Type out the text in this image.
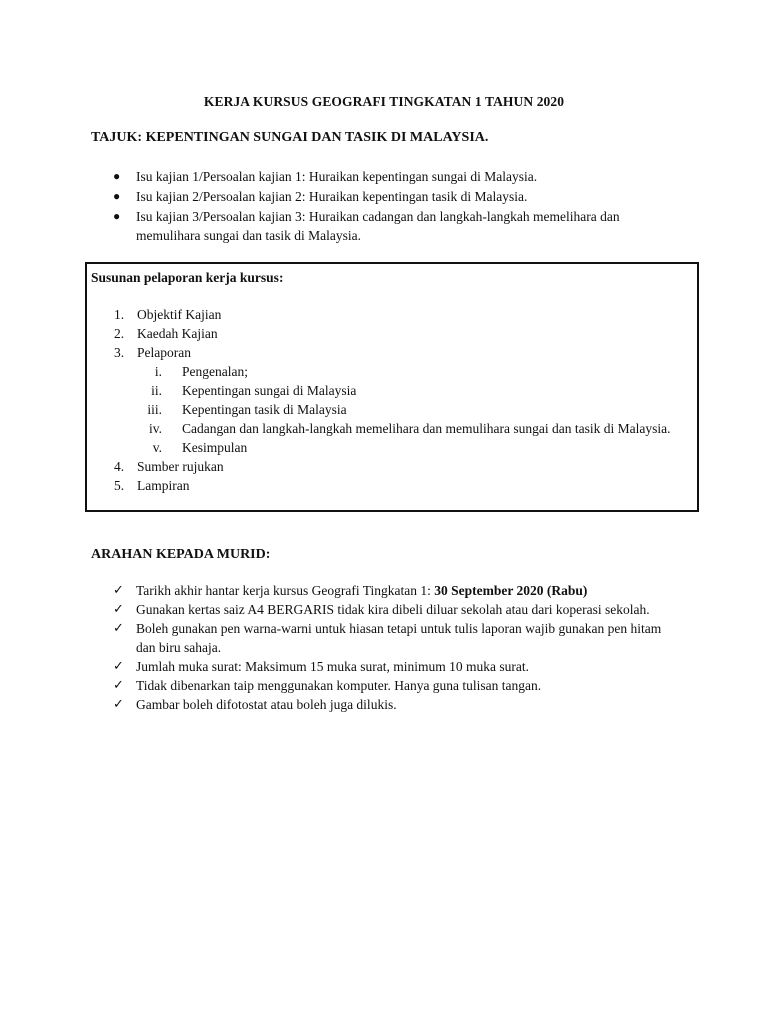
KERJA KURSUS GEOGRAFI TINGKATAN 1 TAHUN 2020
TAJUK: KEPENTINGAN SUNGAI DAN TASIK DI MALAYSIA.
●	Isu kajian 1/Persoalan kajian 1: Huraikan kepentingan sungai di Malaysia.
●	Isu kajian 2/Persoalan kajian 2: Huraikan kepentingan tasik di Malaysia.
●	Isu kajian 3/Persoalan kajian 3: Huraikan cadangan dan langkah-langkah memelihara dan memulihara sungai dan tasik di Malaysia.
Susunan pelaporan kerja kursus:
1. Objektif Kajian
2. Kaedah Kajian
3. Pelaporan
i. Pengenalan;
ii. Kepentingan sungai di Malaysia
iii. Kepentingan tasik di Malaysia
iv. Cadangan dan langkah-langkah memelihara dan memulihara sungai dan tasik di Malaysia.
v. Kesimpulan
4. Sumber rujukan
5. Lampiran
ARAHAN KEPADA MURID:
✓ Tarikh akhir hantar kerja kursus Geografi Tingkatan 1: 30 September 2020 (Rabu)
✓ Gunakan kertas saiz A4 BERGARIS tidak kira dibeli diluar sekolah atau dari koperasi sekolah.
✓ Boleh gunakan pen warna-warni untuk hiasan tetapi untuk tulis laporan wajib gunakan pen hitam dan biru sahaja.
✓ Jumlah muka surat: Maksimum 15 muka surat, minimum 10 muka surat.
✓ Tidak dibenarkan taip menggunakan komputer. Hanya guna tulisan tangan.
✓ Gambar boleh difotostat atau boleh juga dilukis.
